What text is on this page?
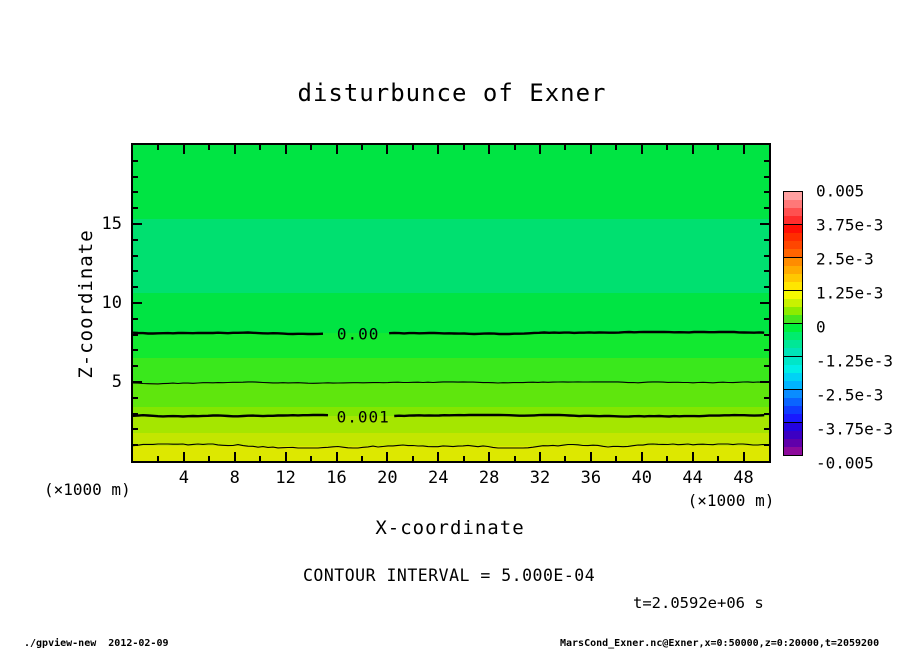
disturbunce of Exner
0.00
0.001
4	8	12	16	20	24	28	32	36	40	44	48
5
10
15
X-coordinate
Z-coordinate
(×1000 m)
(×1000 m)
0.005
3.75e-3
2.5e-3
1.25e-3
0
-1.25e-3
-2.5e-3
-3.75e-3
-0.005
CONTOUR INTERVAL = 5.000E-04
t=2.0592e+06 s
./gpview-new  2012-02-09	MarsCond_Exner.nc@Exner,x=0:50000,z=0:20000,t=2059200
